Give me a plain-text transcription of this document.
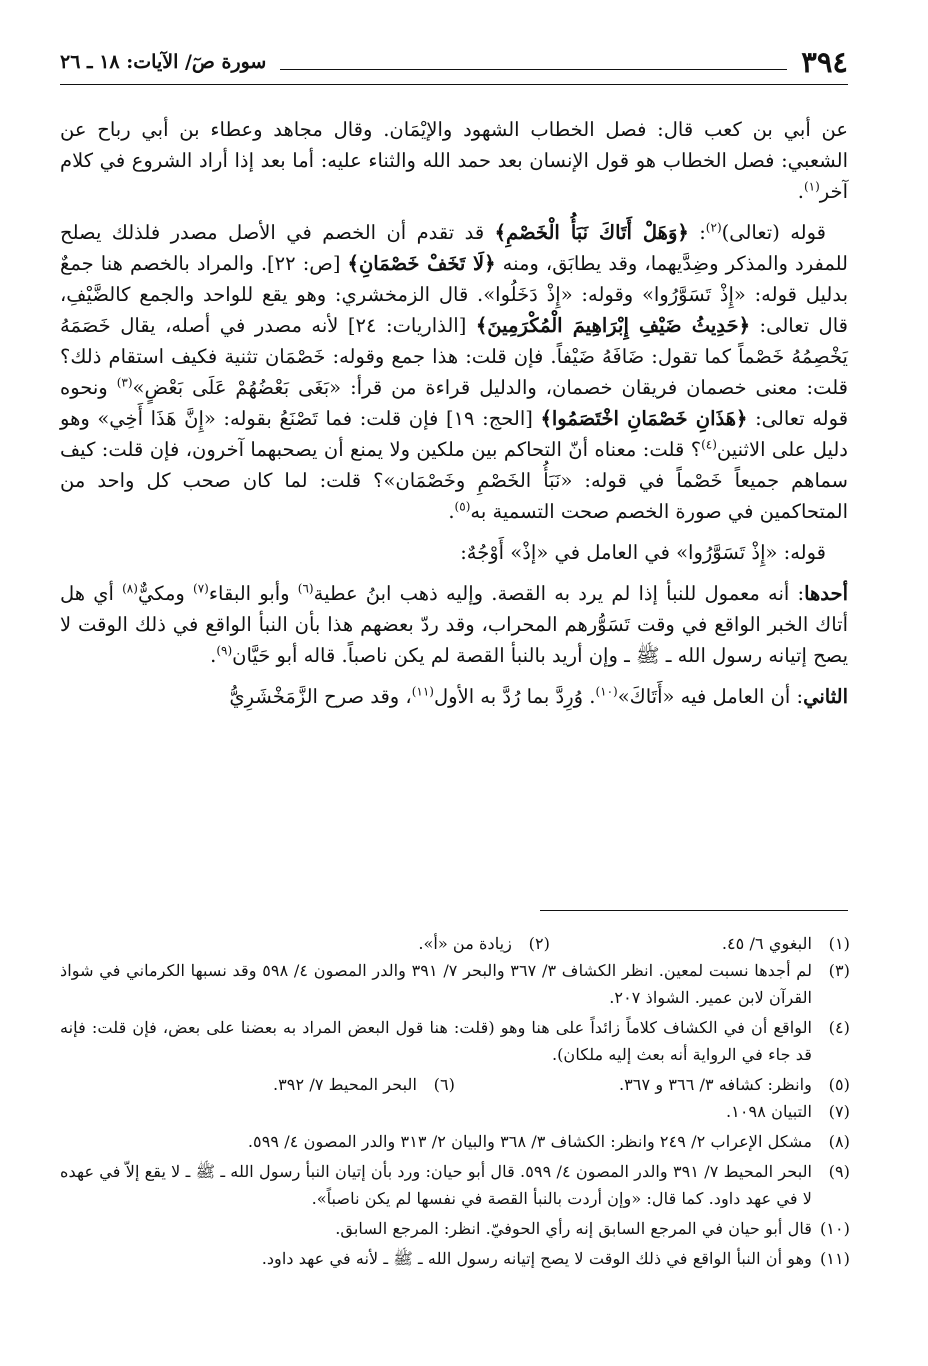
٣٩٤
سورة صٓ/ الآيات: ١٨ ـ ٢٦

عن أبي بن كعب قال: فصل الخطاب الشهود والإيْمَان. وقال مجاهد وعطاء بن أبي رباح عن الشعبي: فصل الخطاب هو قول الإنسان بعد حمد الله والثناء عليه: أما بعد إذا أراد الشروع في كلام آخر$^{(١)}$.

قوله (تعالى)$^{(٢)}$: ﴿وَهَلْ أَتَاكَ نَبَأُ الْخَصْمِ﴾ قد تقدم أن الخصم في الأصل مصدر فلذلك يصلح للمفرد والمذكر وضِدَّيهما، وقد يطابَق، ومنه ﴿لَا تَخَفْ خَصْمَانِ﴾ [ص: ٢٢]. والمراد بالخصم هنا جمعٌ بدليل قوله: «إِذْ تَسَوَّرُوا» وقوله: «إِذْ دَخَلُوا». قال الزمخشري: وهو يقع للواحد والجمع كالضَّيْفِ، قال تعالى: ﴿حَدِيثُ ضَيْفِ إِبْرَاهِيمَ الْمُكْرَمِينَ﴾ [الذاريات: ٢٤] لأنه مصدر في أصله، يقال خَصَمَهُ يَخْصِمُهُ خَصْماً كما تقول: ضَافَهُ ضَيْفاً. فإن قلت: هذا جمع وقوله: خَصْمَان تثنية فكيف استقام ذلك؟ قلت: معنى خصمان فريقان خصمان، والدليل قراءة من قرأ: «بَغَى بَعْضُهُمْ عَلَى بَعْضٍ»$^{(٣)}$ ونحوه قوله تعالى: ﴿هَذَانِ خَصْمَانِ اخْتَصَمُوا﴾ [الحج: ١٩] فإن قلت: فما تَصْنَعُ بقوله: «إِنَّ هَذَا أَخِي» وهو دليل على الاثنين$^{(٤)}$؟ قلت: معناه أنّ التحاكم بين ملكين ولا يمنع أن يصحبهما آخرون، فإن قلت: كيف سماهم جميعاً خَصْماً في قوله: «نَبَأُ الخَصْمِ وخَصْمَان»؟ قلت: لما كان صحب كل واحد من المتحاكمين في صورة الخصم صحت التسمية به$^{(٥)}$.

قوله: «إِذْ تَسَوَّرُوا» في العامل في «إذْ» أَوْجُهٌ:

أحدها: أنه معمول للنبأ إذا لم يرد به القصة. وإليه ذهب ابنُ عطية$^{(٦)}$ وأبو البقاء$^{(٧)}$ ومكيٌّ$^{(٨)}$ أي هل أتاك الخبر الواقع في وقت تَسَوُّرهم المحراب، وقد ردّ بعضهم هذا بأن النبأ الواقع في ذلك الوقت لا يصح إتيانه رسول الله ـ ﷺ ـ وإن أريد بالنبأ القصة لم يكن ناصباً. قاله أبو حَيَّان$^{(٩)}$.

الثاني: أن العامل فيه «أَتَاكَ»$^{(١٠)}$. وُرِدَّ بما رُدَّ به الأول$^{(١١)}$، وقد صرح الزَّمَخْشَرِيُّ

(١)
البغوي ٦/ ٤٥.
(٢)
زيادة من «أ».
(٣)
لم أجدها نسبت لمعين. انظر الكشاف ٣/ ٣٦٧ والبحر ٧/ ٣٩١ والدر المصون ٤/ ٥٩٨ وقد نسبها الكرماني في شواذ القرآن لابن عمير. الشواذ ٢٠٧.
(٤)
الواقع أن في الكشاف كلاماً زائداً على هنا وهو (قلت: هنا قول البعض المراد به بعضنا على بعض، فإن قلت: فإنه قد جاء في الرواية أنه بعث إليه ملكان).
(٥)
وانظر: كشافه ٣/ ٣٦٦ و ٣٦٧.
(٦)
البحر المحيط ٧/ ٣٩٢.
(٧)
التبيان ١٠٩٨.
(٨)
مشكل الإعراب ٢/ ٢٤٩ وانظر: الكشاف ٣/ ٣٦٨ والبيان ٢/ ٣١٣ والدر المصون ٤/ ٥٩٩.
(٩)
البحر المحيط ٧/ ٣٩١ والدر المصون ٤/ ٥٩٩. قال أبو حيان: ورد بأن إتيان النبأ رسول الله ـ ﷺ ـ لا يقع إلاّ في عهده لا في عهد داود. كما قال: «وإن أردت بالنبأ القصة في نفسها لم يكن ناصباً».
(١٠)
قال أبو حيان في المرجع السابق إنه رأي الحوفيّ. انظر: المرجع السابق.
(١١)
وهو أن النبأ الواقع في ذلك الوقت لا يصح إتيانه رسول الله ـ ﷺ ـ لأنه في عهد داود.
